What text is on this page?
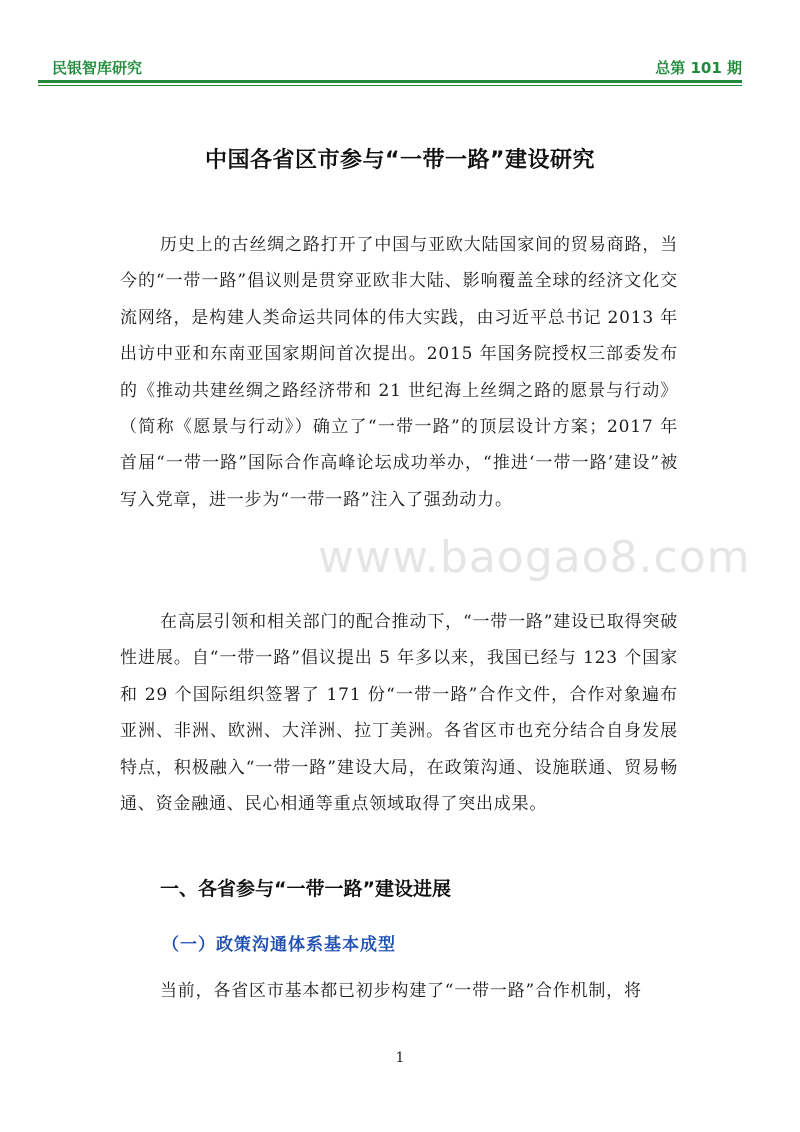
民银智库研究	总第 101 期
中国各省区市参与“一带一路”建设研究

历史上的古丝绸之路打开了中国与亚欧大陆国家间的贸易商路，当今的“一带一路”倡议则是贯穿亚欧非大陆、影响覆盖全球的经济文化交流网络，是构建人类命运共同体的伟大实践，由习近平总书记 2013 年出访中亚和东南亚国家期间首次提出。2015 年国务院授权三部委发布的《推动共建丝绸之路经济带和 21 世纪海上丝绸之路的愿景与行动》（简称《愿景与行动》）确立了“一带一路”的顶层设计方案；2017 年首届“一带一路”国际合作高峰论坛成功举办，“推进‘一带一路’建设”被写入党章，进一步为“一带一路”注入了强劲动力。

在高层引领和相关部门的配合推动下，“一带一路”建设已取得突破性进展。自“一带一路”倡议提出 5 年多以来，我国已经与 123 个国家和 29 个国际组织签署了 171 份“一带一路”合作文件，合作对象遍布亚洲、非洲、欧洲、大洋洲、拉丁美洲。各省区市也充分结合自身发展特点，积极融入“一带一路”建设大局，在政策沟通、设施联通、贸易畅通、资金融通、民心相通等重点领域取得了突出成果。

一、各省参与“一带一路”建设进展
（一）政策沟通体系基本成型

当前，各省区市基本都已初步构建了“一带一路”合作机制，将

www.baogao8.com
1
